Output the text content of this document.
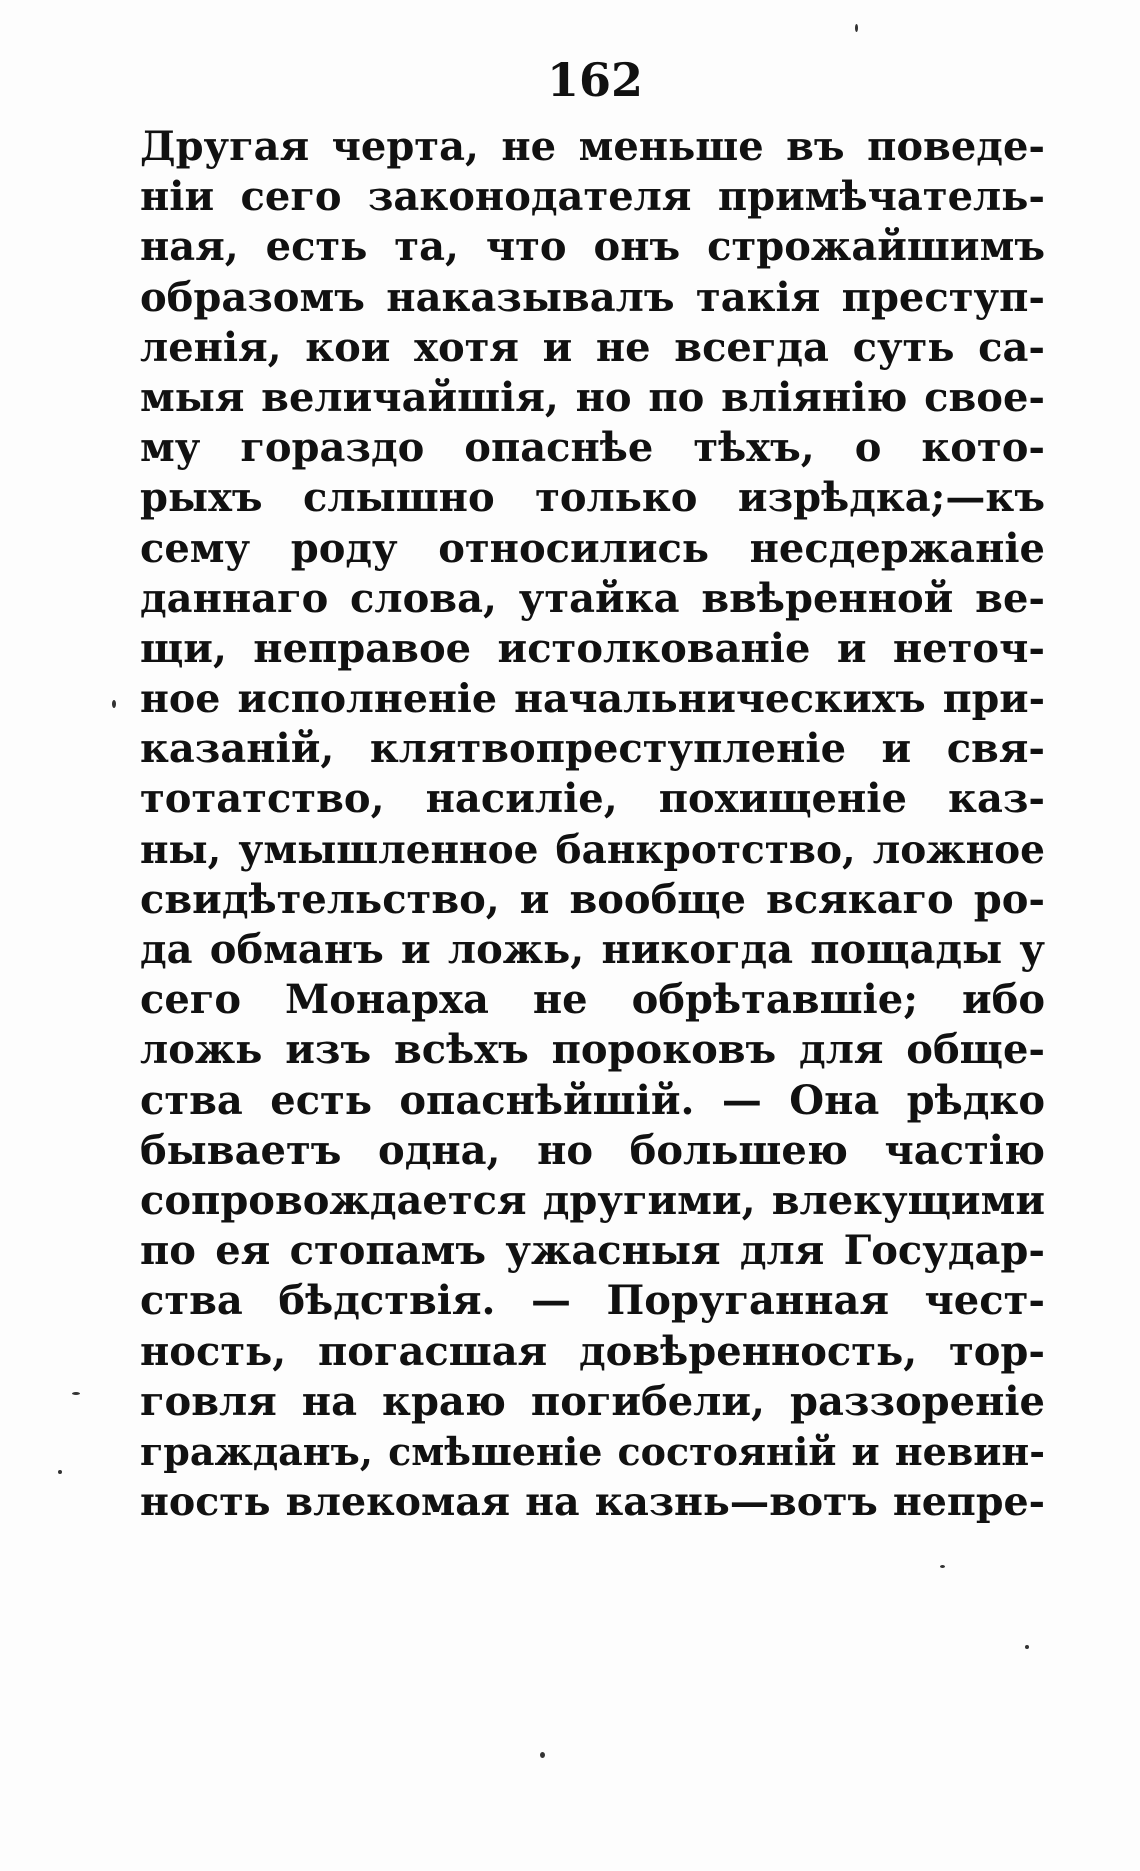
162
Другая черта, не меньше въ поведе-
нiи сего законодателя примѣчатель-
ная, есть та, что онъ строжайшимъ
образомъ наказывалъ такiя преступ-
ленiя, кои хотя и не всегда суть са-
мыя величайшiя, но по влiянiю свое-
му гораздо опаснѣе тѣхъ, о кото-
рыхъ слышно только изрѣдка;—къ
сему роду относились несдержанiе
даннаго слова, утайка ввѣренной ве-
щи, неправое истолкованiе и неточ-
ное исполненiе начальническихъ при-
казанiй, клятвопреступленiе и свя-
тотатство, насилiе, похищенiе каз-
ны, умышленное банкротство, ложное
свидѣтельство, и вообще всякаго ро-
да обманъ и ложь, никогда пощады у
сего Монарха не обрѣтавшiе; ибо
ложь изъ всѣхъ пороковъ для обще-
ства есть опаснѣйшiй. — Она рѣдко
бываетъ одна, но большею частiю
сопровождается другими, влекущими
по ея стопамъ ужасныя для Государ-
ства бѣдствiя. — Поруганная чест-
ность, погасшая довѣренность, тор-
говля на краю погибели, раззоренiе
гражданъ, смѣшенiе состоянiй и невин-
ность влекомая на казнь—вотъ непре-
